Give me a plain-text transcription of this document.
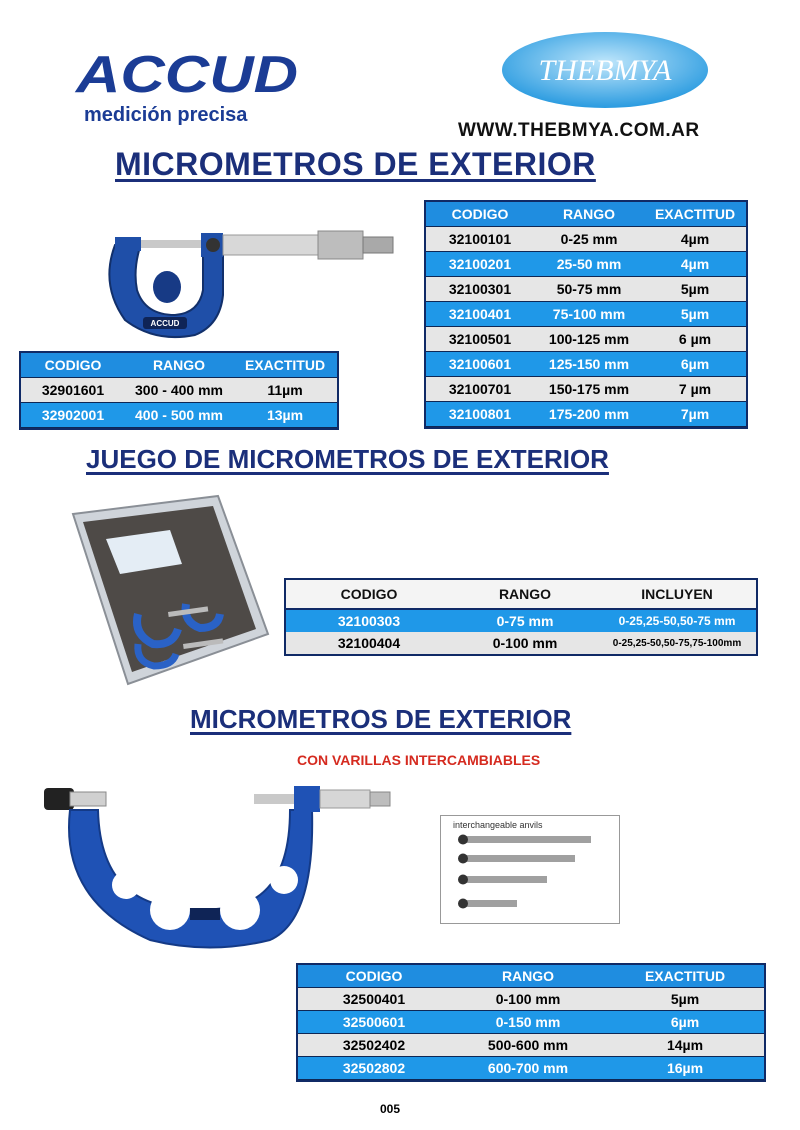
ACCUD
medición precisa
THEBMYA
WWW.THEBMYA.COM.AR
MICROMETROS DE EXTERIOR
ACCUD
CODIGO	RANGO	EXACTITUD
32100101	0-25 mm	4µm
32100201	25-50 mm	4µm
32100301	50-75 mm	5µm
32100401	75-100 mm	5µm
32100501	100-125 mm	6 µm
32100601	125-150 mm	6µm
32100701	150-175 mm	7 µm
32100801	175-200 mm	7µm
CODIGO	RANGO	EXACTITUD
32901601	300 - 400 mm	11µm
32902001	400 - 500 mm	13µm
JUEGO DE MICROMETROS DE EXTERIOR
CODIGO	RANGO	INCLUYEN
32100303	0-75 mm	0-25,25-50,50-75 mm
32100404	0-100 mm	0-25,25-50,50-75,75-100mm
MICROMETROS DE EXTERIOR
CON VARILLAS INTERCAMBIABLES
interchangeable anvils
CODIGO	RANGO	EXACTITUD
32500401	0-100 mm	5µm
32500601	0-150 mm	6µm
32502402	500-600 mm	14µm
32502802	600-700 mm	16µm
005
